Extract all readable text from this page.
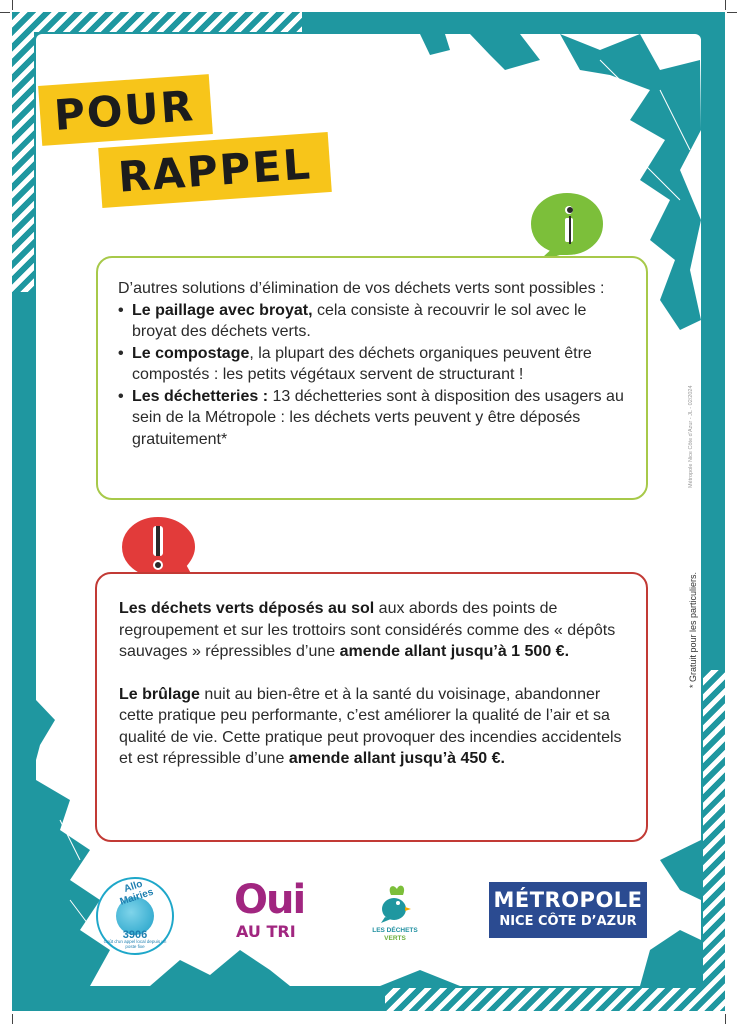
POUR
RAPPEL
D’autres solutions d’élimination de vos déchets verts sont possibles :
• Le paillage avec broyat, cela consiste à recouvrir le sol avec le broyat des déchets verts.
• Le compostage, la plupart des déchets organiques peuvent être compostés : les petits végétaux servent de structurant !
• Les déchetteries : 13 déchetteries sont à disposition des usagers au sein de la Métropole : les déchets verts peuvent y être déposés gratuitement*
Les déchets verts déposés au sol aux abords des points de regroupement et sur les trottoirs sont considérés comme des « dépôts sauvages » répressibles d’une amende allant jusqu’à 1 500 €.
Le brûlage nuit au bien-être et à la santé du voisinage, abandonner cette pratique peu performante, c’est améliorer la qualité de l’air et sa qualité de vie. Cette pratique peut provoquer des incendies accidentels et est répressible d’une amende allant jusqu’à 450 €.
Métropole Nice Côte d’Azur - JL - 02/2024
* Gratuit pour les particuliers.
Allo Mairies
3906
Coût d’un appel local depuis un poste fixe
Oui
AU TRI	LES DÉCHETS
VERTS
MÉTROPOLE
NICE CÔTE D’AZUR
